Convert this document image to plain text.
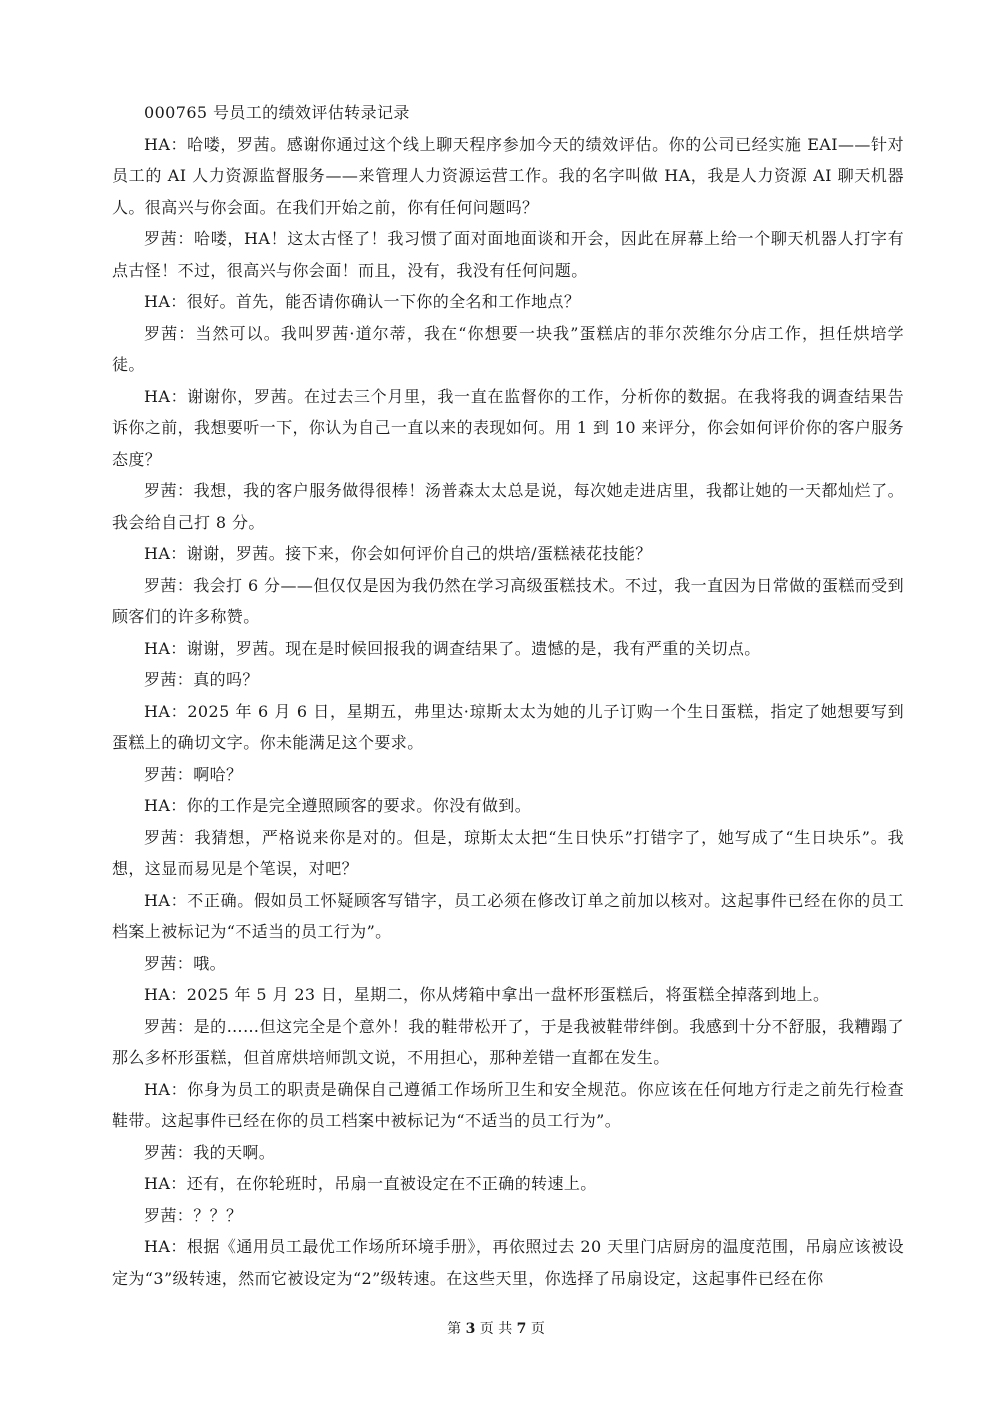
000765 号员工的绩效评估转录记录

HA：哈喽，罗茜。感谢你通过这个线上聊天程序参加今天的绩效评估。你的公司已经实施 EAI——针对员工的 AI 人力资源监督服务——来管理人力资源运营工作。我的名字叫做 HA，我是人力资源 AI 聊天机器人。很高兴与你会面。在我们开始之前，你有任何问题吗？

罗茜：哈喽，HA！这太古怪了！我习惯了面对面地面谈和开会，因此在屏幕上给一个聊天机器人打字有点古怪！不过，很高兴与你会面！而且，没有，我没有任何问题。

HA：很好。首先，能否请你确认一下你的全名和工作地点？

罗茜：当然可以。我叫罗茜·道尔蒂，我在“你想要一块我”蛋糕店的菲尔茨维尔分店工作，担任烘培学徒。

HA：谢谢你，罗茜。在过去三个月里，我一直在监督你的工作，分析你的数据。在我将我的调查结果告诉你之前，我想要听一下，你认为自己一直以来的表现如何。用 1 到 10 来评分，你会如何评价你的客户服务态度？

罗茜：我想，我的客户服务做得很棒！汤普森太太总是说，每次她走进店里，我都让她的一天都灿烂了。我会给自己打 8 分。

HA：谢谢，罗茜。接下来，你会如何评价自己的烘培/蛋糕裱花技能？

罗茜：我会打 6 分——但仅仅是因为我仍然在学习高级蛋糕技术。不过，我一直因为日常做的蛋糕而受到顾客们的许多称赞。

HA：谢谢，罗茜。现在是时候回报我的调查结果了。遗憾的是，我有严重的关切点。

罗茜：真的吗？

HA：2025 年 6 月 6 日，星期五，弗里达·琼斯太太为她的儿子订购一个生日蛋糕，指定了她想要写到蛋糕上的确切文字。你未能满足这个要求。

罗茜：啊哈？

HA：你的工作是完全遵照顾客的要求。你没有做到。

罗茜：我猜想，严格说来你是对的。但是，琼斯太太把“生日快乐”打错字了，她写成了“生日块乐”。我想，这显而易见是个笔误，对吧？

HA：不正确。假如员工怀疑顾客写错字，员工必须在修改订单之前加以核对。这起事件已经在你的员工档案上被标记为“不适当的员工行为”。

罗茜：哦。

HA：2025 年 5 月 23 日，星期二，你从烤箱中拿出一盘杯形蛋糕后，将蛋糕全掉落到地上。

罗茜：是的……但这完全是个意外！我的鞋带松开了，于是我被鞋带绊倒。我感到十分不舒服，我糟蹋了那么多杯形蛋糕，但首席烘培师凯文说，不用担心，那种差错一直都在发生。

HA：你身为员工的职责是确保自己遵循工作场所卫生和安全规范。你应该在任何地方行走之前先行检查鞋带。这起事件已经在你的员工档案中被标记为“不适当的员工行为”。

罗茜：我的天啊。

HA：还有，在你轮班时，吊扇一直被设定在不正确的转速上。

罗茜：？？？

HA：根据《通用员工最优工作场所环境手册》，再依照过去 20 天里门店厨房的温度范围，吊扇应该被设定为“3”级转速，然而它被设定为“2”级转速。在这些天里，你选择了吊扇设定，这起事件已经在你

第 3 页 共 7 页
